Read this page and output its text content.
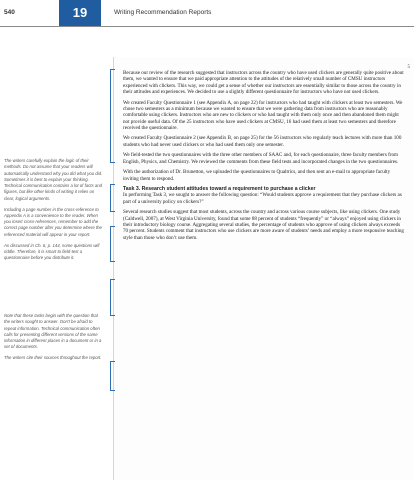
540	19	Writing Recommendation Reports

The writers carefully explain the logic of their methods. Do not assume that your readers will automatically understand why you did what you did. Sometimes it is best to explain your thinking. Technical communication contains a lot of facts and figures, but like other kinds of writing it relies on clear, logical arguments.

Including a page number in the cross-reference to Appendix A is a convenience to the reader. When you insert cross-references, remember to add the correct page number after you determine where the referenced material will appear in your report.

As discussed in Ch. 6, p. 144, some questions will riddle. Therefore, it is smart to field-test a questionnaire before you distribute it.

Note that these tasks begin with the question that the writers sought to answer. Don't be afraid to repeat information. Technical communication often calls for presenting different versions of the same information in different places in a document or in a set of documents.

The writers cite their sources throughout the report.

5

Because our review of the research suggested that instructors across the country who have used clickers are generally quite positive about them, we wanted to ensure that we paid appropriate attention to the attitudes of the relatively small number of CMSU instructors experienced with clickers. This way, we could get a sense of whether our instructors are essentially similar to those across the country in their attitudes and experiences. We decided to use a slightly different questionnaire for instructors who have not used clickers.

We created Faculty Questionnaire 1 (see Appendix A, on page 22) for instructors who had taught with clickers at least two semesters. We chose two semesters as a minimum because we wanted to ensure that we were gathering data from instructors who are reasonably comfortable using clickers. Instructors who are new to clickers or who had taught with them only once and then abandoned them might not provide useful data. Of the 25 instructors who have used clickers at CMSU, 16 had used them at least two semesters and therefore received the questionnaire.

We created Faculty Questionnaire 2 (see Appendix B, on page 25) for the 56 instructors who regularly teach lectures with more than 100 students who had never used clickers or who had used them only one semester.

We field-tested the two questionnaires with the three other members of SAAC and, for each questionnaire, three faculty members from English, Physics, and Chemistry. We reviewed the comments from these field tests and incorporated changes in the two questionnaires.

With the authorization of Dr. Brunetton, we uploaded the questionnaires to Qualtrics, and then sent an e-mail to appropriate faculty inviting them to respond.

Task 3. Research student attitudes toward a requirement to purchase a clicker

In performing Task 3, we sought to answer the following question: “Would students approve a requirement that they purchase clickers as part of a university policy on clickers?”

Several research studies suggest that most students, across the country and across various course subjects, like using clickers. One study (Caldwell, 2007), at West Virginia University, found that some 88 percent of students “frequently” or “always” enjoyed using clickers in their introductory biology course. Aggregating several studies, the percentage of students who approve of using clickers always exceeds 70 percent. Students comment that instructors who use clickers are more aware of students’ needs and employ a more responsive teaching style than those who don’t use them.
